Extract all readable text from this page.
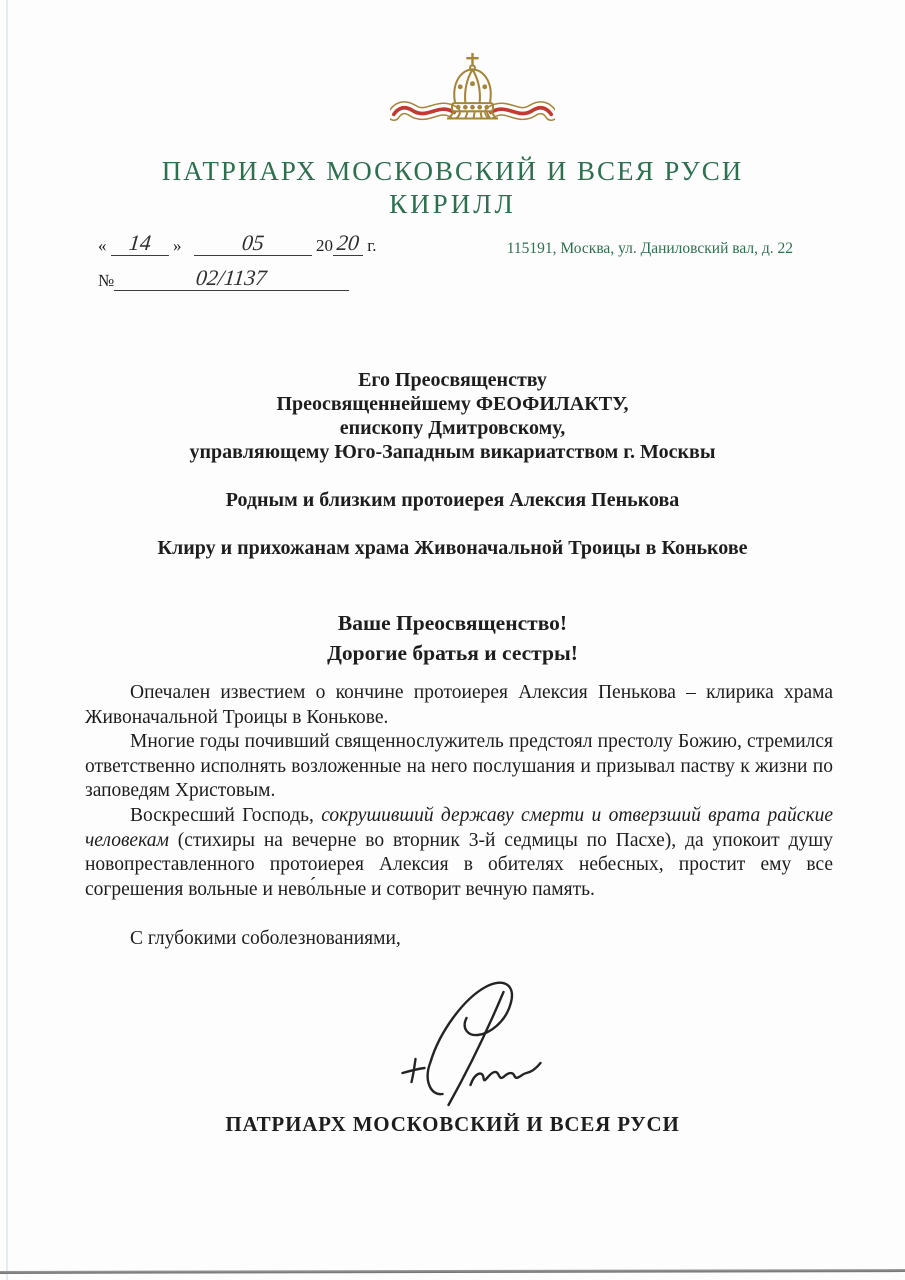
ПАТРИАРХ МОСКОВСКИЙ И ВСЕЯ РУСИ
КИРИЛЛ
« 14 »	05	20 20 г.	115191, Москва, ул. Даниловский вал, д. 22
№	02/1137
Его Преосвященству
Преосвященнейшему ФЕОФИЛАКТУ,
епископу Дмитровскому,
управляющему Юго-Западным викариатством г. Москвы
Родным и близким протоиерея Алексия Пенькова
Клиру и прихожанам храма Живоначальной Троицы в Конькове
Ваше Преосвященство!
Дорогие братья и сестры!

Опечален известием о кончине протоиерея Алексия Пенькова – клирика храма Живоначальной Троицы в Конькове.

Многие годы почивший священнослужитель предстоял престолу Божию, стремился ответственно исполнять возложенные на него послушания и призывал паству к жизни по заповедям Христовым.

Воскресший Господь, сокрушивший державу смерти и отверзший врата райские человекам (стихиры на вечерне во вторник 3-й седмицы по Пасхе), да упокоит душу новопреставленного протоиерея Алексия в обителях небесных, простит ему все согрешения вольные и нево́льные и сотворит вечную память.

С глубокими соболезнованиями,
ПАТРИАРХ МОСКОВСКИЙ И ВСЕЯ РУСИ
